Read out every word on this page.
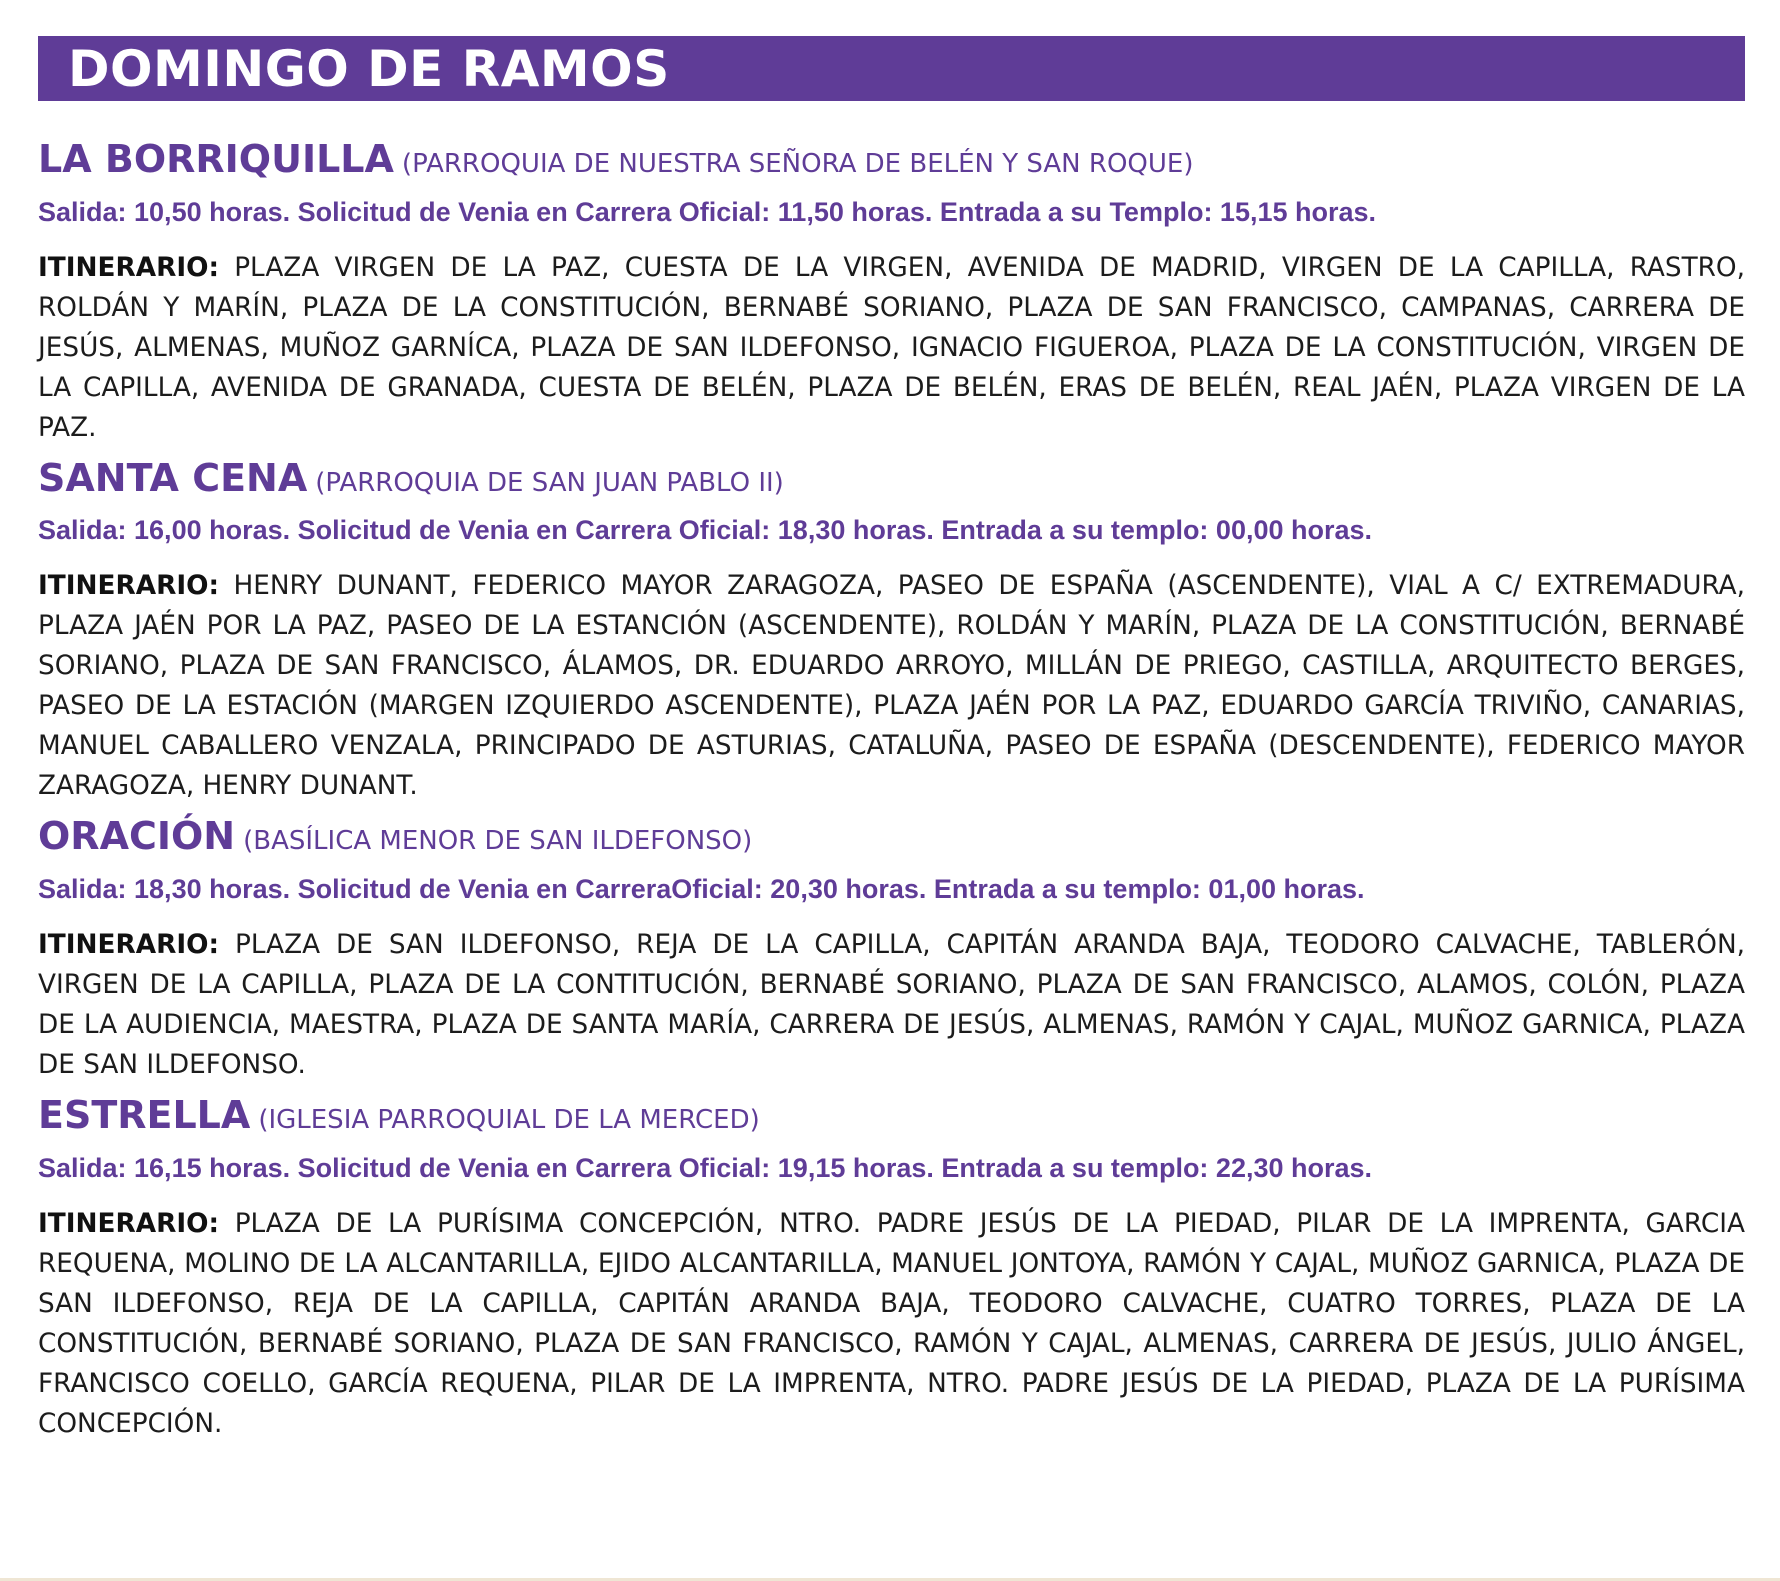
DOMINGO DE RAMOS

LA BORRIQUILLA (PARROQUIA DE NUESTRA SEÑORA DE BELÉN Y SAN ROQUE)

Salida: 10,50 horas. Solicitud de Venia en Carrera Oficial: 11,50 horas. Entrada a su Templo: 15,15 horas.

ITINERARIO: PLAZA VIRGEN DE LA PAZ, CUESTA DE LA VIRGEN, AVENIDA DE MADRID, VIRGEN DE LA CAPILLA, RASTRO, ROLDÁN Y MARÍN, PLAZA DE LA CONSTITUCIÓN, BERNABÉ SORIANO, PLAZA DE SAN FRANCISCO, CAMPANAS, CARRERA DE JESÚS, ALMENAS, MUÑOZ GARNÍCA, PLAZA DE SAN ILDEFONSO, IGNACIO FIGUEROA, PLAZA DE LA CONSTITUCIÓN, VIRGEN DE LA CAPILLA, AVENIDA DE GRANADA, CUESTA DE BELÉN, PLAZA DE BELÉN, ERAS DE BELÉN, REAL JAÉN, PLAZA VIRGEN DE LA PAZ.

SANTA CENA (PARROQUIA DE SAN JUAN PABLO II)

Salida: 16,00 horas. Solicitud de Venia en Carrera Oficial: 18,30 horas. Entrada a su templo: 00,00 horas.

ITINERARIO: HENRY DUNANT, FEDERICO MAYOR ZARAGOZA, PASEO DE ESPAÑA (ASCENDENTE), VIAL A C/ EXTREMADURA, PLAZA JAÉN POR LA PAZ, PASEO DE LA ESTANCIÓN (ASCENDENTE), ROLDÁN Y MARÍN, PLAZA DE LA CONSTITUCIÓN, BERNABÉ SORIANO, PLAZA DE SAN FRANCISCO, ÁLAMOS, DR. EDUARDO ARROYO, MILLÁN DE PRIEGO, CASTILLA, ARQUITECTO BERGES, PASEO DE LA ESTACIÓN (MARGEN IZQUIERDO ASCENDENTE), PLAZA JAÉN POR LA PAZ, EDUARDO GARCÍA TRIVIÑO, CANARIAS, MANUEL CABALLERO VENZALA, PRINCIPADO DE ASTURIAS, CATALUÑA, PASEO DE ESPAÑA (DESCENDENTE), FEDERICO MAYOR ZARAGOZA, HENRY DUNANT.

ORACIÓN (BASÍLICA MENOR DE SAN ILDEFONSO)

Salida: 18,30 horas. Solicitud de Venia en CarreraOficial: 20,30 horas. Entrada a su templo: 01,00 horas.

ITINERARIO: PLAZA DE SAN ILDEFONSO, REJA DE LA CAPILLA, CAPITÁN ARANDA BAJA, TEODORO CALVACHE, TABLERÓN, VIRGEN DE LA CAPILLA, PLAZA DE LA CONTITUCIÓN, BERNABÉ SORIANO, PLAZA DE SAN FRANCISCO, ALAMOS, COLÓN, PLAZA DE LA AUDIENCIA, MAESTRA, PLAZA DE SANTA MARÍA, CARRERA DE JESÚS, ALMENAS, RAMÓN Y CAJAL, MUÑOZ GARNICA, PLAZA DE SAN ILDEFONSO.

ESTRELLA (IGLESIA PARROQUIAL DE LA MERCED)

Salida: 16,15 horas. Solicitud de Venia en Carrera Oficial: 19,15 horas. Entrada a su templo: 22,30 horas.

ITINERARIO: PLAZA DE LA PURÍSIMA CONCEPCIÓN, NTRO. PADRE JESÚS DE LA PIEDAD, PILAR DE LA IMPRENTA, GARCIA REQUENA, MOLINO DE LA ALCANTARILLA, EJIDO ALCANTARILLA, MANUEL JONTOYA, RAMÓN Y CAJAL, MUÑOZ GARNICA, PLAZA DE SAN ILDEFONSO, REJA DE LA CAPILLA, CAPITÁN ARANDA BAJA, TEODORO CALVACHE, CUATRO TORRES, PLAZA DE LA CONSTITUCIÓN, BERNABÉ SORIANO, PLAZA DE SAN FRANCISCO, RAMÓN Y CAJAL, ALMENAS, CARRERA DE JESÚS, JULIO ÁNGEL, FRANCISCO COELLO, GARCÍA REQUENA, PILAR DE LA IMPRENTA, NTRO. PADRE JESÚS DE LA PIEDAD, PLAZA DE LA PURÍSIMA CONCEPCIÓN.
